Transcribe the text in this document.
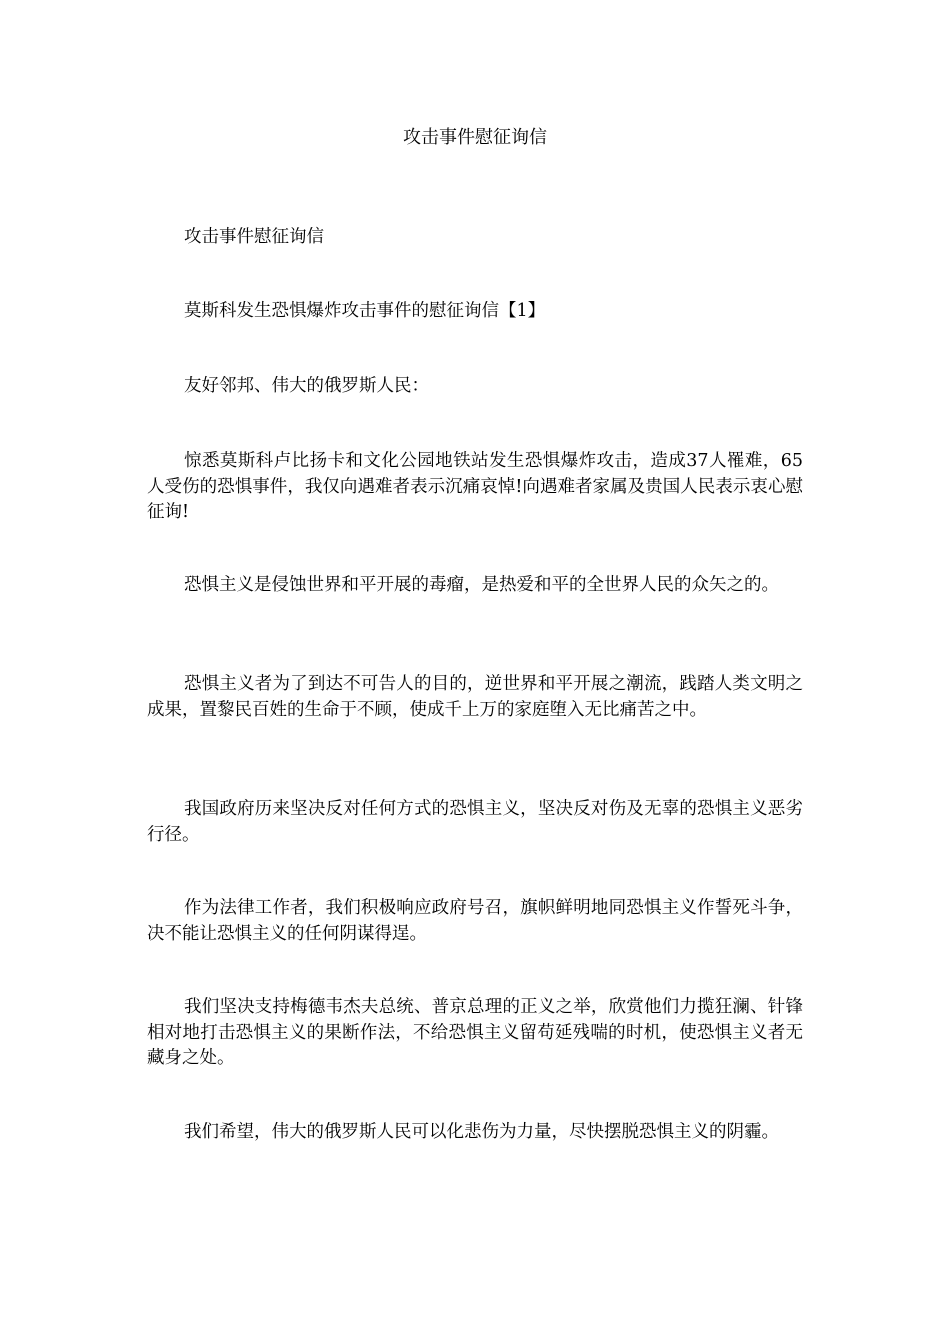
攻击事件慰征询信

攻击事件慰征询信

莫斯科发生恐惧爆炸攻击事件的慰征询信【1】

友好邻邦、伟大的俄罗斯人民：

惊悉莫斯科卢比扬卡和文化公园地铁站发生恐惧爆炸攻击，造成37人罹难，65人受伤的恐惧事件，我仅向遇难者表示沉痛哀悼!向遇难者家属及贵国人民表示衷心慰征询!

恐惧主义是侵蚀世界和平开展的毒瘤，是热爱和平的全世界人民的众矢之的。

恐惧主义者为了到达不可告人的目的，逆世界和平开展之潮流，践踏人类文明之成果，置黎民百姓的生命于不顾，使成千上万的家庭堕入无比痛苦之中。

我国政府历来坚决反对任何方式的恐惧主义，坚决反对伤及无辜的恐惧主义恶劣行径。

作为法律工作者，我们积极响应政府号召，旗帜鲜明地同恐惧主义作誓死斗争，决不能让恐惧主义的任何阴谋得逞。

我们坚决支持梅德韦杰夫总统、普京总理的正义之举，欣赏他们力揽狂澜、针锋相对地打击恐惧主义的果断作法，不给恐惧主义留苟延残喘的时机，使恐惧主义者无藏身之处。

我们希望，伟大的俄罗斯人民可以化悲伤为力量，尽快摆脱恐惧主义的阴霾。
